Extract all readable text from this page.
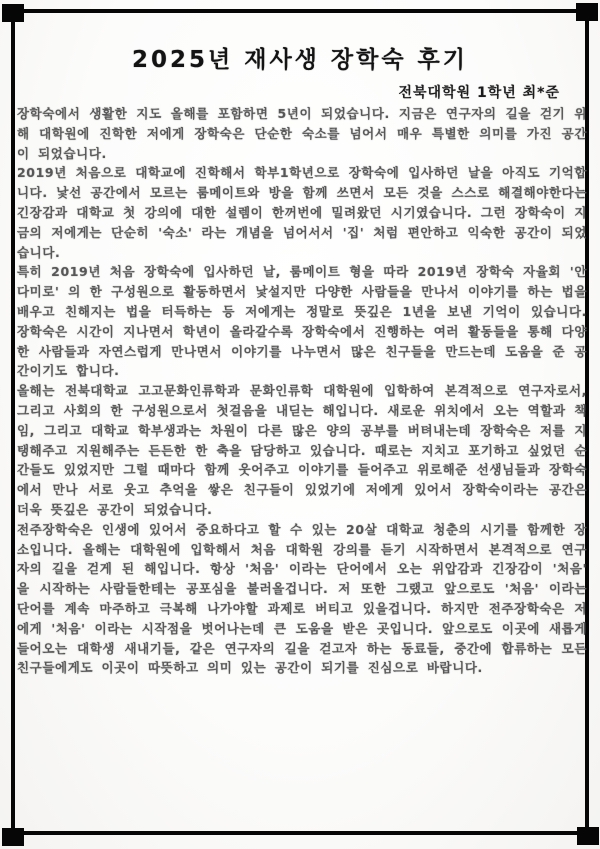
2025년 재사생 장학숙 후기
전북대학원 1학년 최*준

장학숙에서 생활한 지도 올해를 포함하면 5년이 되었습니다. 지금은 연구자의 길을 걷기 위해 대학원에 진학한 저에게 장학숙은 단순한 숙소를 넘어서 매우 특별한 의미를 가진 공간이 되었습니다.

2019년 처음으로 대학교에 진학해서 학부1학년으로 장학숙에 입사하던 날을 아직도 기억합니다. 낯선 공간에서 모르는 룸메이트와 방을 함께 쓰면서 모든 것을 스스로 해결해야한다는 긴장감과 대학교 첫 강의에 대한 설렘이 한꺼번에 밀려왔던 시기였습니다. 그런 장학숙이 지금의 저에게는 단순히 '숙소' 라는 개념을 넘어서서 '집' 처럼 편안하고 익숙한 공간이 되었습니다.

특히 2019년 처음 장학숙에 입사하던 날, 룸메이트 형을 따라 2019년 장학숙 자율회 '안다미로' 의 한 구성원으로 활동하면서 낯설지만 다양한 사람들을 만나서 이야기를 하는 법을 배우고 친해지는 법을 터득하는 등 저에게는 정말로 뜻깊은 1년을 보낸 기억이 있습니다. 장학숙은 시간이 지나면서 학년이 올라갈수록 장학숙에서 진행하는 여러 활동들을 통해 다양한 사람들과 자연스럽게 만나면서 이야기를 나누면서 많은 친구들을 만드는데 도움을 준 공간이기도 합니다.

올해는 전북대학교 고고문화인류학과 문화인류학 대학원에 입학하여 본격적으로 연구자로서, 그리고 사회의 한 구성원으로서 첫걸음을 내딛는 해입니다. 새로운 위치에서 오는 역할과 책임, 그리고 대학교 학부생과는 차원이 다른 많은 양의 공부를 버텨내는데 장학숙은 저를 지탱해주고 지원해주는 든든한 한 축을 담당하고 있습니다. 때로는 지치고 포기하고 싶었던 순간들도 있었지만 그럴 때마다 함께 웃어주고 이야기를 들어주고 위로해준 선생님들과 장학숙에서 만나 서로 웃고 추억을 쌓은 친구들이 있었기에 저에게 있어서 장학숙이라는 공간은 더욱 뜻깊은 공간이 되었습니다.

전주장학숙은 인생에 있어서 중요하다고 할 수 있는 20살 대학교 청춘의 시기를 함께한 장소입니다. 올해는 대학원에 입학해서 처음 대학원 강의를 듣기 시작하면서 본격적으로 연구자의 길을 걷게 된 해입니다. 항상 '처음' 이라는 단어에서 오는 위압감과 긴장감이 '처음' 을 시작하는 사람들한테는 공포심을 불러올겁니다. 저 또한 그랬고 앞으로도 '처음' 이라는 단어를 계속 마주하고 극복해 나가야할 과제로 버티고 있을겁니다. 하지만 전주장학숙은 저에게 '처음' 이라는 시작점을 벗어나는데 큰 도움을 받은 곳입니다. 앞으로도 이곳에 새롭게 들어오는 대학생 새내기들, 같은 연구자의 길을 걷고자 하는 동료들, 중간에 합류하는 모든 친구들에게도 이곳이 따뜻하고 의미 있는 공간이 되기를 진심으로 바랍니다.
